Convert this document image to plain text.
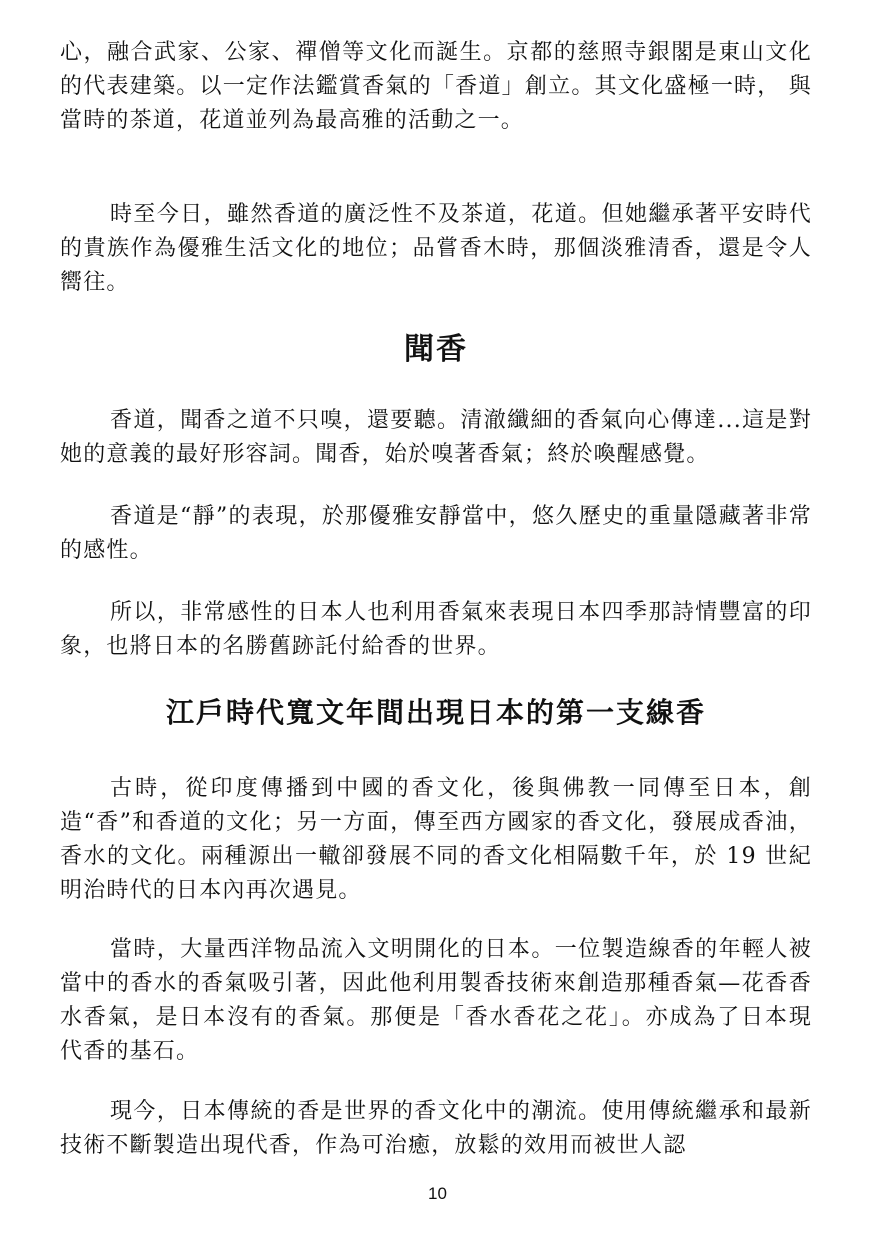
心，融合武家、公家、禪僧等文化而誕生。京都的慈照寺銀閣是東山文化的代表建築。以一定作法鑑賞香氣的「香道」創立。其文化盛極一時， 與當時的茶道，花道並列為最高雅的活動之一。

時至今日，雖然香道的廣泛性不及茶道，花道。但她繼承著平安時代的貴族作為優雅生活文化的地位；品嘗香木時，那個淡雅清香，還是令人嚮往。

聞香

香道，聞香之道不只嗅，還要聽。清澈纖細的香氣向心傳達...這是對她的意義的最好形容詞。聞香，始於嗅著香氣；終於喚醒感覺。

香道是“靜”的表現，於那優雅安靜當中，悠久歷史的重量隱藏著非常的感性。

所以，非常感性的日本人也利用香氣來表現日本四季那詩情豐富的印象，也將日本的名勝舊跡託付給香的世界。

江戶時代寬文年間出現日本的第一支線香

古時，從印度傳播到中國的香文化，後與佛教一同傳至日本，創造“香”和香道的文化；另一方面，傳至西方國家的香文化，發展成香油，香水的文化。兩種源出一轍卻發展不同的香文化相隔數千年，於 19 世紀明治時代的日本內再次遇見。

當時，大量西洋物品流入文明開化的日本。一位製造線香的年輕人被當中的香水的香氣吸引著，因此他利用製香技術來創造那種香氣—花香香水香氣，是日本沒有的香氣。那便是「香水香花之花」。亦成為了日本現代香的基石。

現今，日本傳統的香是世界的香文化中的潮流。使用傳統繼承和最新技術不斷製造出現代香，作為可治癒，放鬆的效用而被世人認

10
